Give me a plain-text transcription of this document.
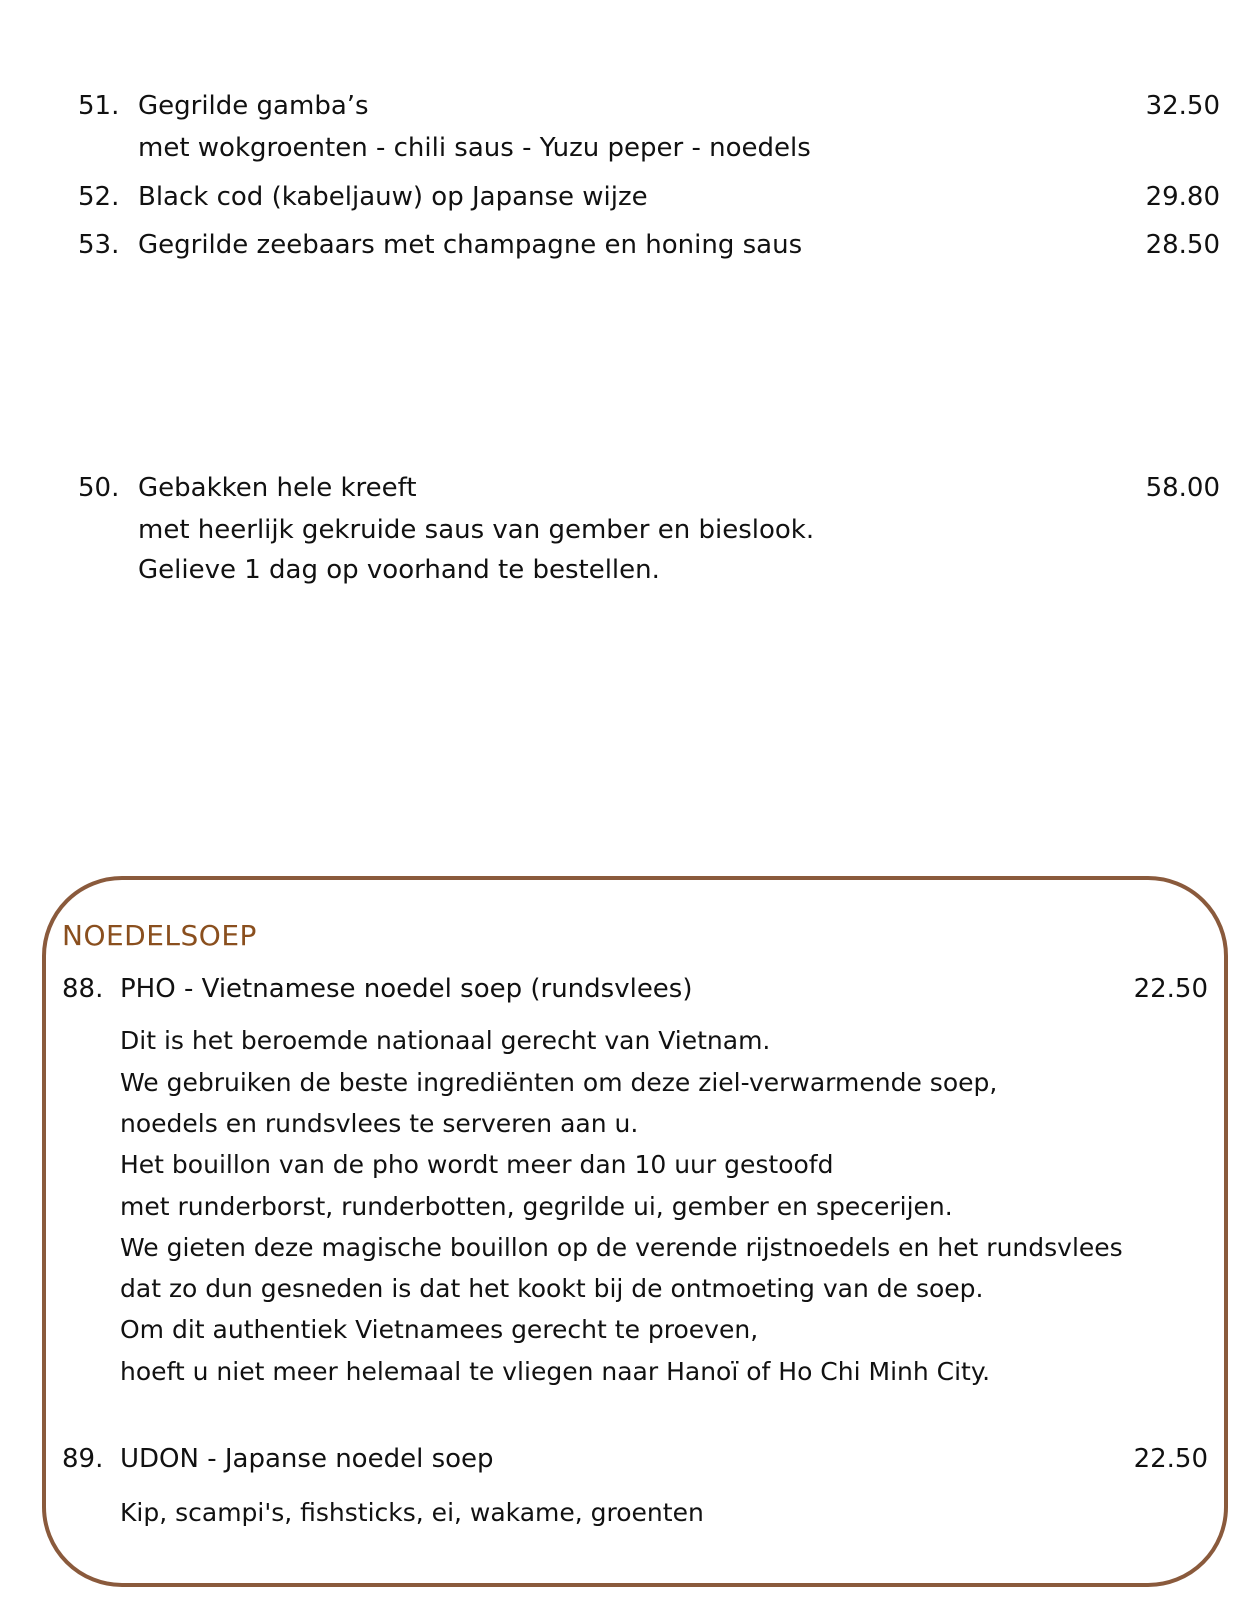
51. Gegrilde gamba’s	32.50
met wokgroenten - chili saus - Yuzu peper - noedels
52. Black cod (kabeljauw) op Japanse wijze	29.80
53. Gegrilde zeebaars met champagne en honing saus	28.50
50. Gebakken hele kreeft	58.00
met heerlijk gekruide saus van gember en bieslook.
Gelieve 1 dag op voorhand te bestellen.
NOEDELSOEP
88. PHO - Vietnamese noedel soep (rundsvlees)	22.50
Dit is het beroemde nationaal gerecht van Vietnam.
We gebruiken de beste ingrediënten om deze ziel-verwarmende soep,
noedels en rundsvlees te serveren aan u.
Het bouillon van de pho wordt meer dan 10 uur gestoofd
met runderborst, runderbotten, gegrilde ui, gember en specerijen.
We gieten deze magische bouillon op de verende rijstnoedels en het rundsvlees
dat zo dun gesneden is dat het kookt bij de ontmoeting van de soep.
Om dit authentiek Vietnamees gerecht te proeven,
hoeft u niet meer helemaal te vliegen naar Hanoï of Ho Chi Minh City.
89. UDON - Japanse noedel soep	22.50
Kip, scampi's, fishsticks, ei, wakame, groenten
